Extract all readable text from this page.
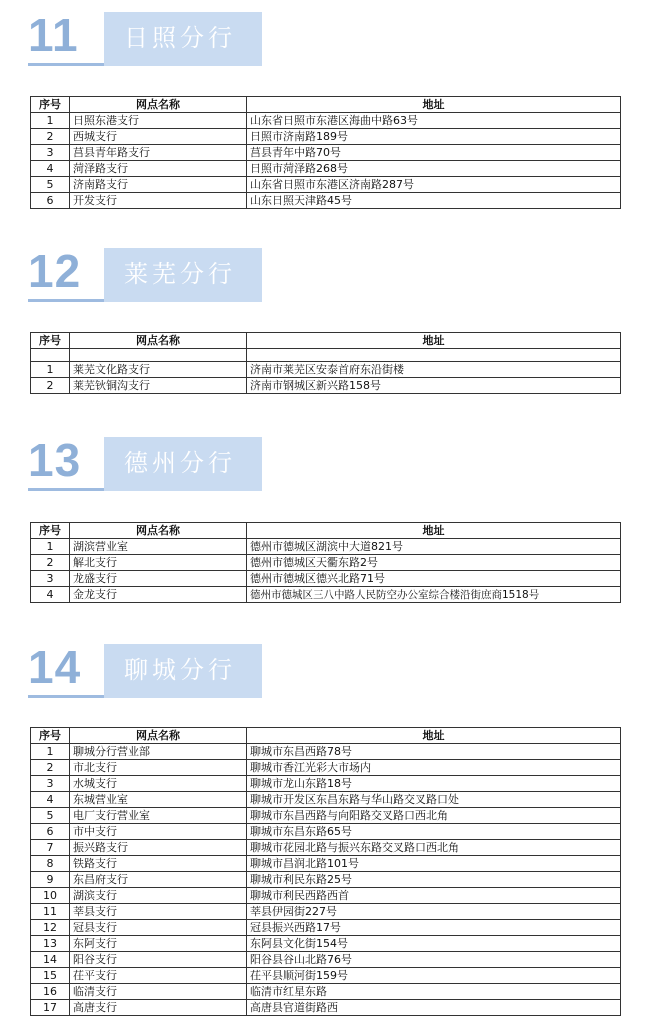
11 日照分行
序号	网点名称	地址
1	日照东港支行	山东省日照市东港区海曲中路63号
2	西城支行	日照市济南路189号
3	莒县青年路支行	莒县青年中路70号
4	菏泽路支行	日照市菏泽路268号
5	济南路支行	山东省日照市东港区济南路287号
6	开发支行	山东日照天津路45号
12 莱芜分行
序号	网点名称	地址

1	莱芜文化路支行	济南市莱芜区安泰首府东沿街楼
2	莱芜钬铜沟支行	济南市钢城区新兴路158号
13 德州分行
序号	网点名称	地址
1	湖滨营业室	德州市德城区湖滨中大道821号
2	解北支行	德州市德城区天衢东路2号
3	龙盛支行	德州市德城区德兴北路71号
4	金龙支行	德州市德城区三八中路人民防空办公室综合楼沿街庶商1518号
14 聊城分行
序号	网点名称	地址
1	聊城分行营业部	聊城市东昌西路78号
2	市北支行	聊城市香江光彩大市场内
3	水城支行	聊城市龙山东路18号
4	东城营业室	聊城市开发区东昌东路与华山路交叉路口处
5	电厂支行营业室	聊城市东昌西路与向阳路交叉路口西北角
6	市中支行	聊城市东昌东路65号
7	振兴路支行	聊城市花园北路与振兴东路交叉路口西北角
8	铁路支行	聊城市昌润北路101号
9	东昌府支行	聊城市利民东路25号
10	湖滨支行	聊城市利民西路西首
11	莘县支行	莘县伊园街227号
12	冠县支行	冠县振兴西路17号
13	东阿支行	东阿县文化街154号
14	阳谷支行	阳谷县谷山北路76号
15	茌平支行	茌平县顺河街159号
16	临清支行	临清市红星东路
17	高唐支行	高唐县官道街路西
